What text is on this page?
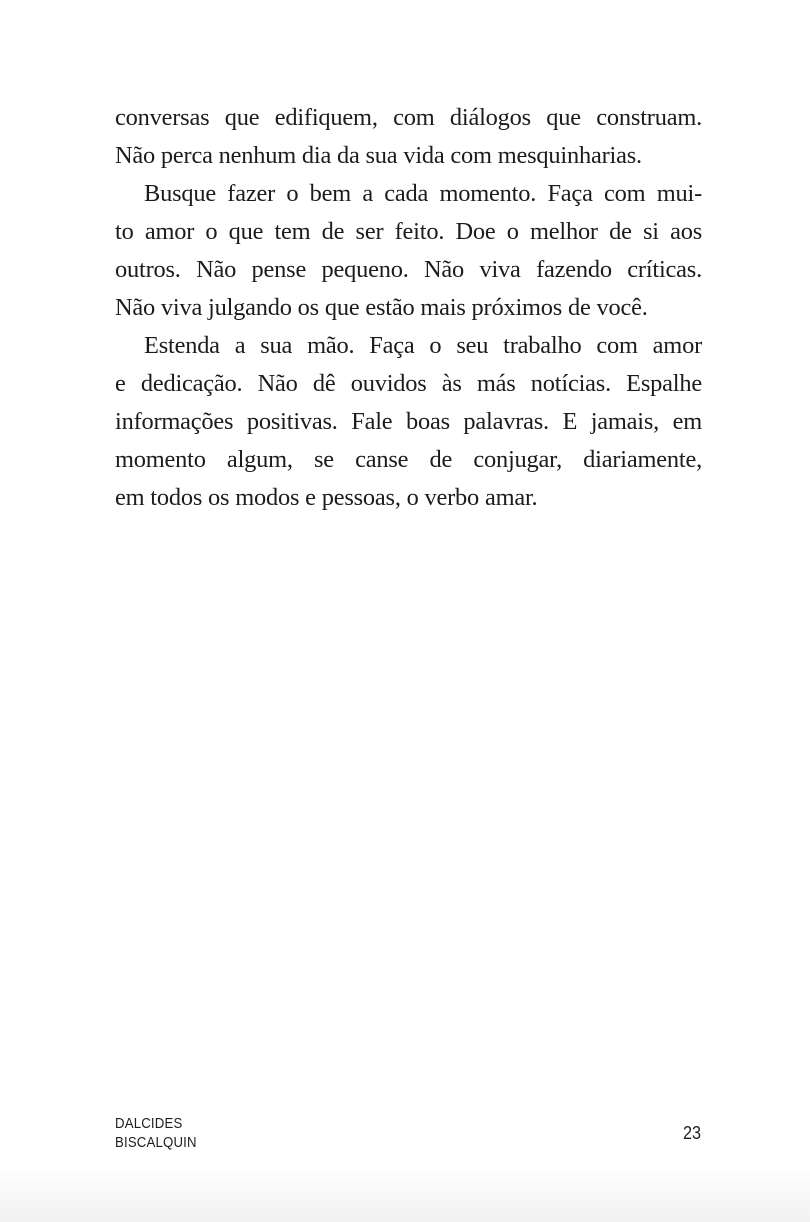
conversas que edifiquem, com diálogos que construam.
Não perca nenhum dia da sua vida com mesquinharias.
Busque fazer o bem a cada momento. Faça com mui-
to amor o que tem de ser feito. Doe o melhor de si aos
outros. Não pense pequeno. Não viva fazendo críticas.
Não viva julgando os que estão mais próximos de você.
Estenda a sua mão. Faça o seu trabalho com amor
e dedicação. Não dê ouvidos às más notícias. Espalhe
informações positivas. Fale boas palavras. E jamais, em
momento algum, se canse de conjugar, diariamente,
em todos os modos e pessoas, o verbo amar.
DALCIDES
BISCALQUIN	23
